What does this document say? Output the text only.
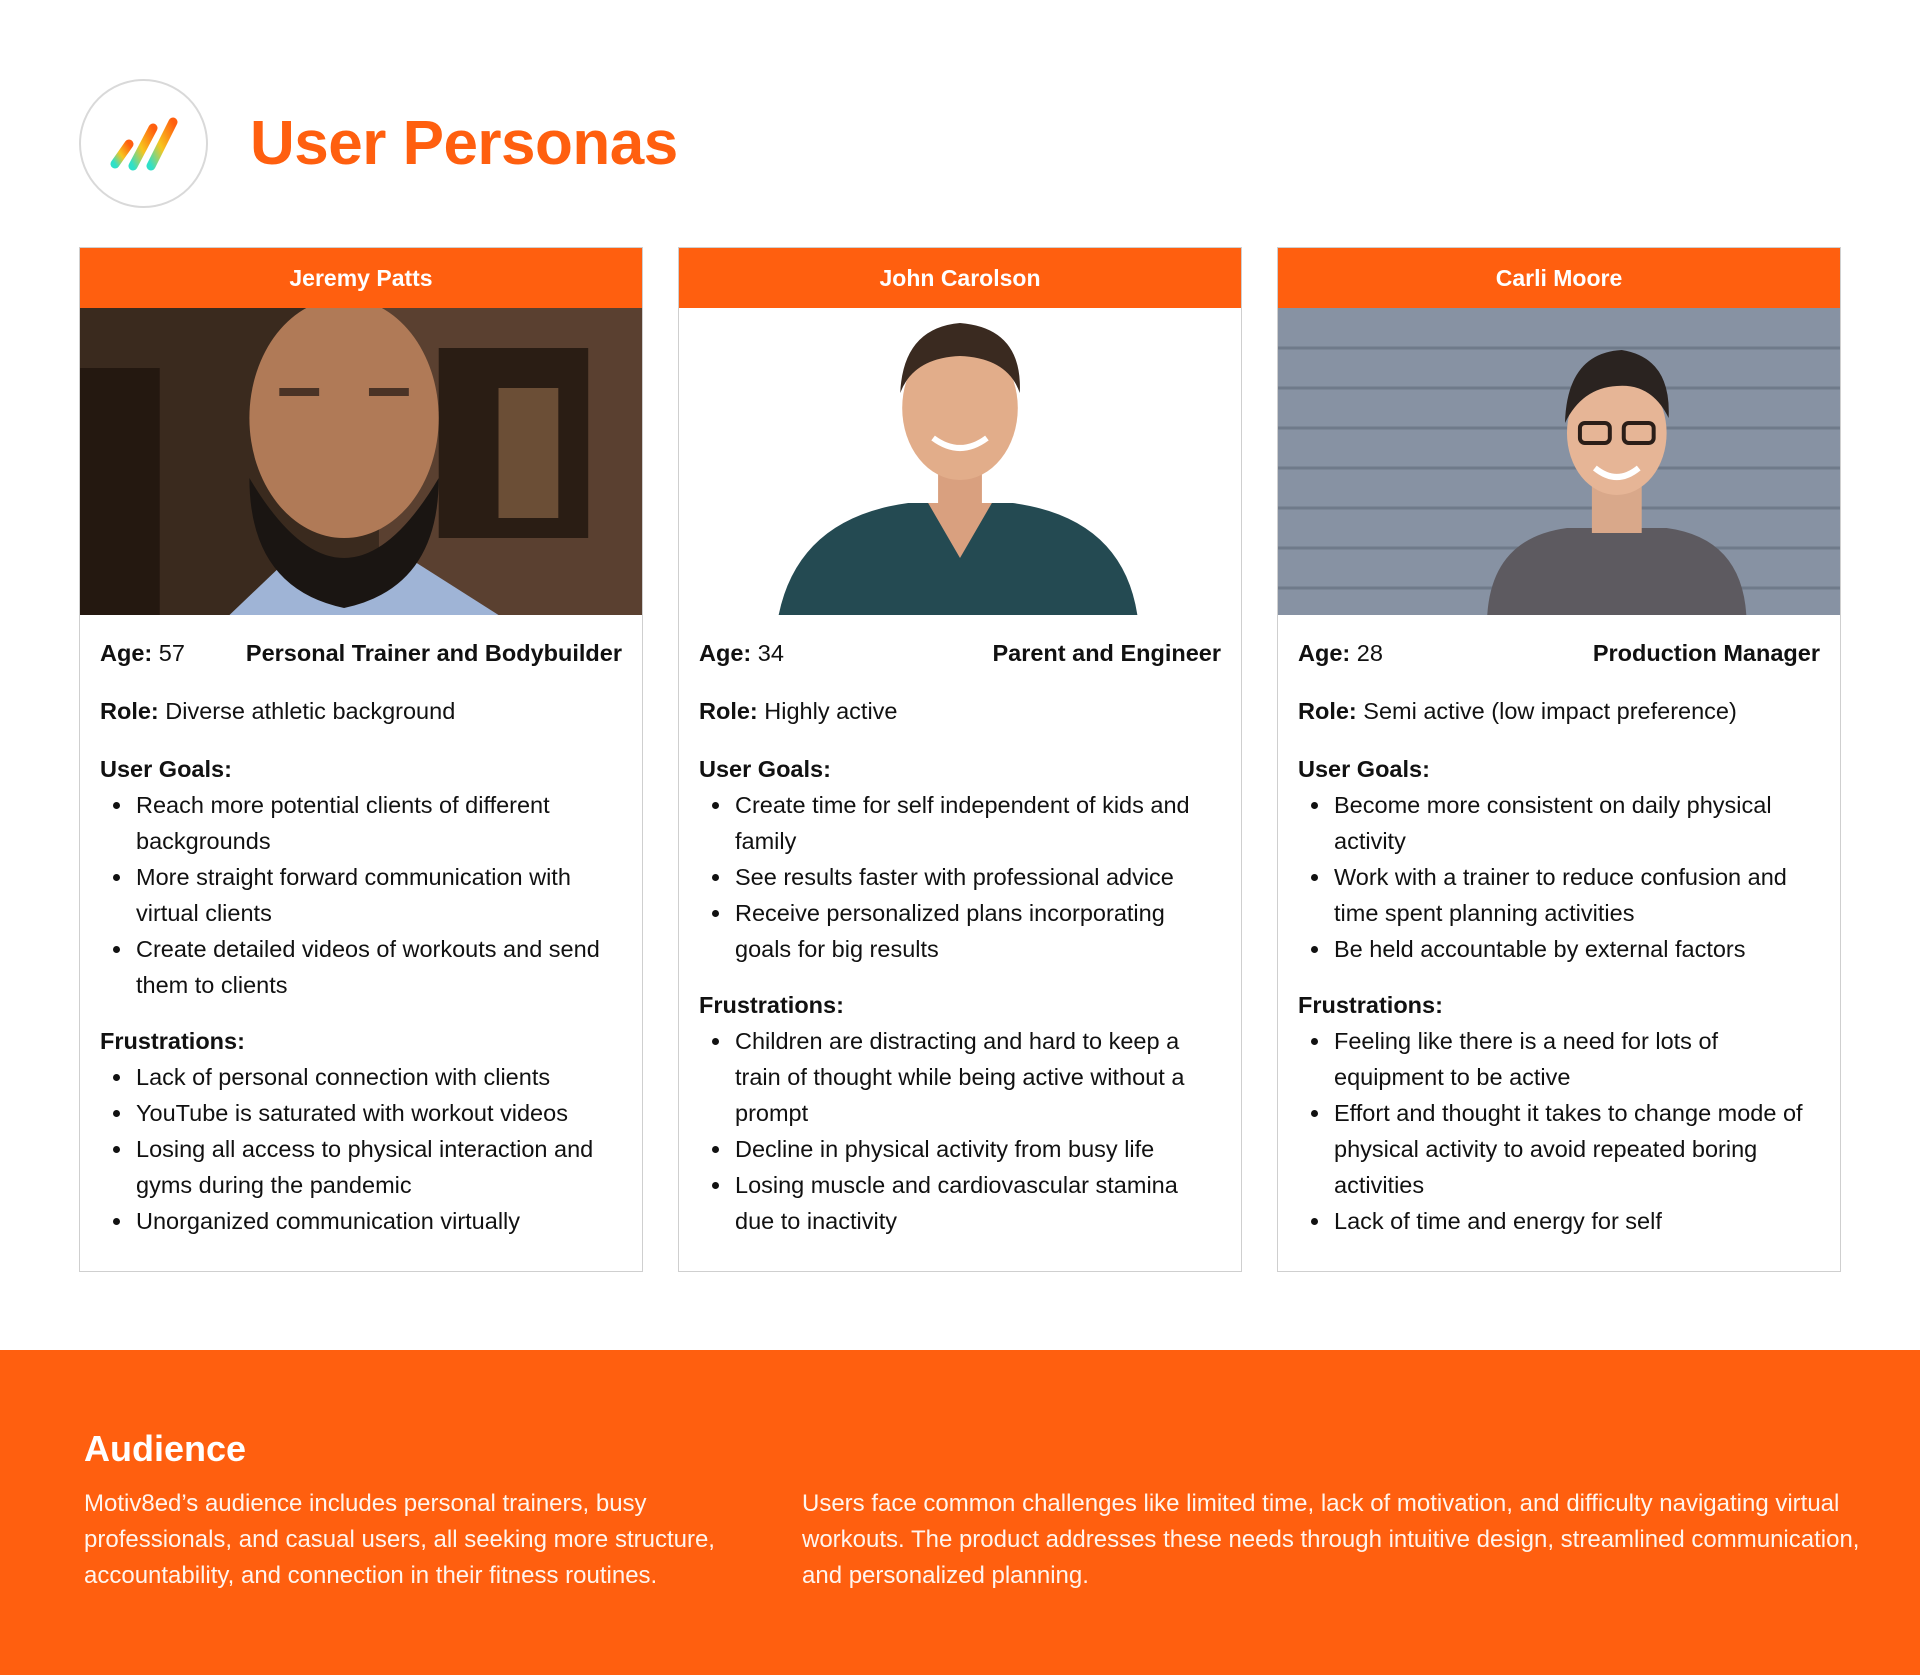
User Personas
Jeremy Patts
Age: 57	Personal Trainer and Bodybuilder
Role: Diverse athletic background
User Goals:
Reach more potential clients of different backgrounds
More straight forward communication with virtual clients
Create detailed videos of workouts and send them to clients
Frustrations:
Lack of personal connection with clients
YouTube is saturated with workout videos
Losing all access to physical interaction and gyms during the pandemic
Unorganized communication virtually
John Carolson
Age: 34	Parent and Engineer
Role: Highly active
User Goals:
Create time for self independent of kids and family
See results faster with professional advice
Receive personalized plans incorporating goals for big results
Frustrations:
Children are distracting and hard to keep a train of thought while being active without a prompt
Decline in physical activity from busy life
Losing muscle and cardiovascular stamina due to inactivity
Carli Moore
Age: 28	Production Manager
Role: Semi active (low impact preference)
User Goals:
Become more consistent on daily physical activity
Work with a trainer to reduce confusion and time spent planning activities
Be held accountable by external factors
Frustrations:
Feeling like there is a need for lots of equipment to be active
Effort and thought it takes to change mode of physical activity to avoid repeated boring activities
Lack of time and energy for self
Audience

Motiv8ed’s audience includes personal trainers, busy professionals, and casual users, all seeking more structure, accountability, and connection in their fitness routines.

Users face common challenges like limited time, lack of motivation, and difficulty navigating virtual workouts. The product addresses these needs through intuitive design, streamlined communication, and personalized planning.
